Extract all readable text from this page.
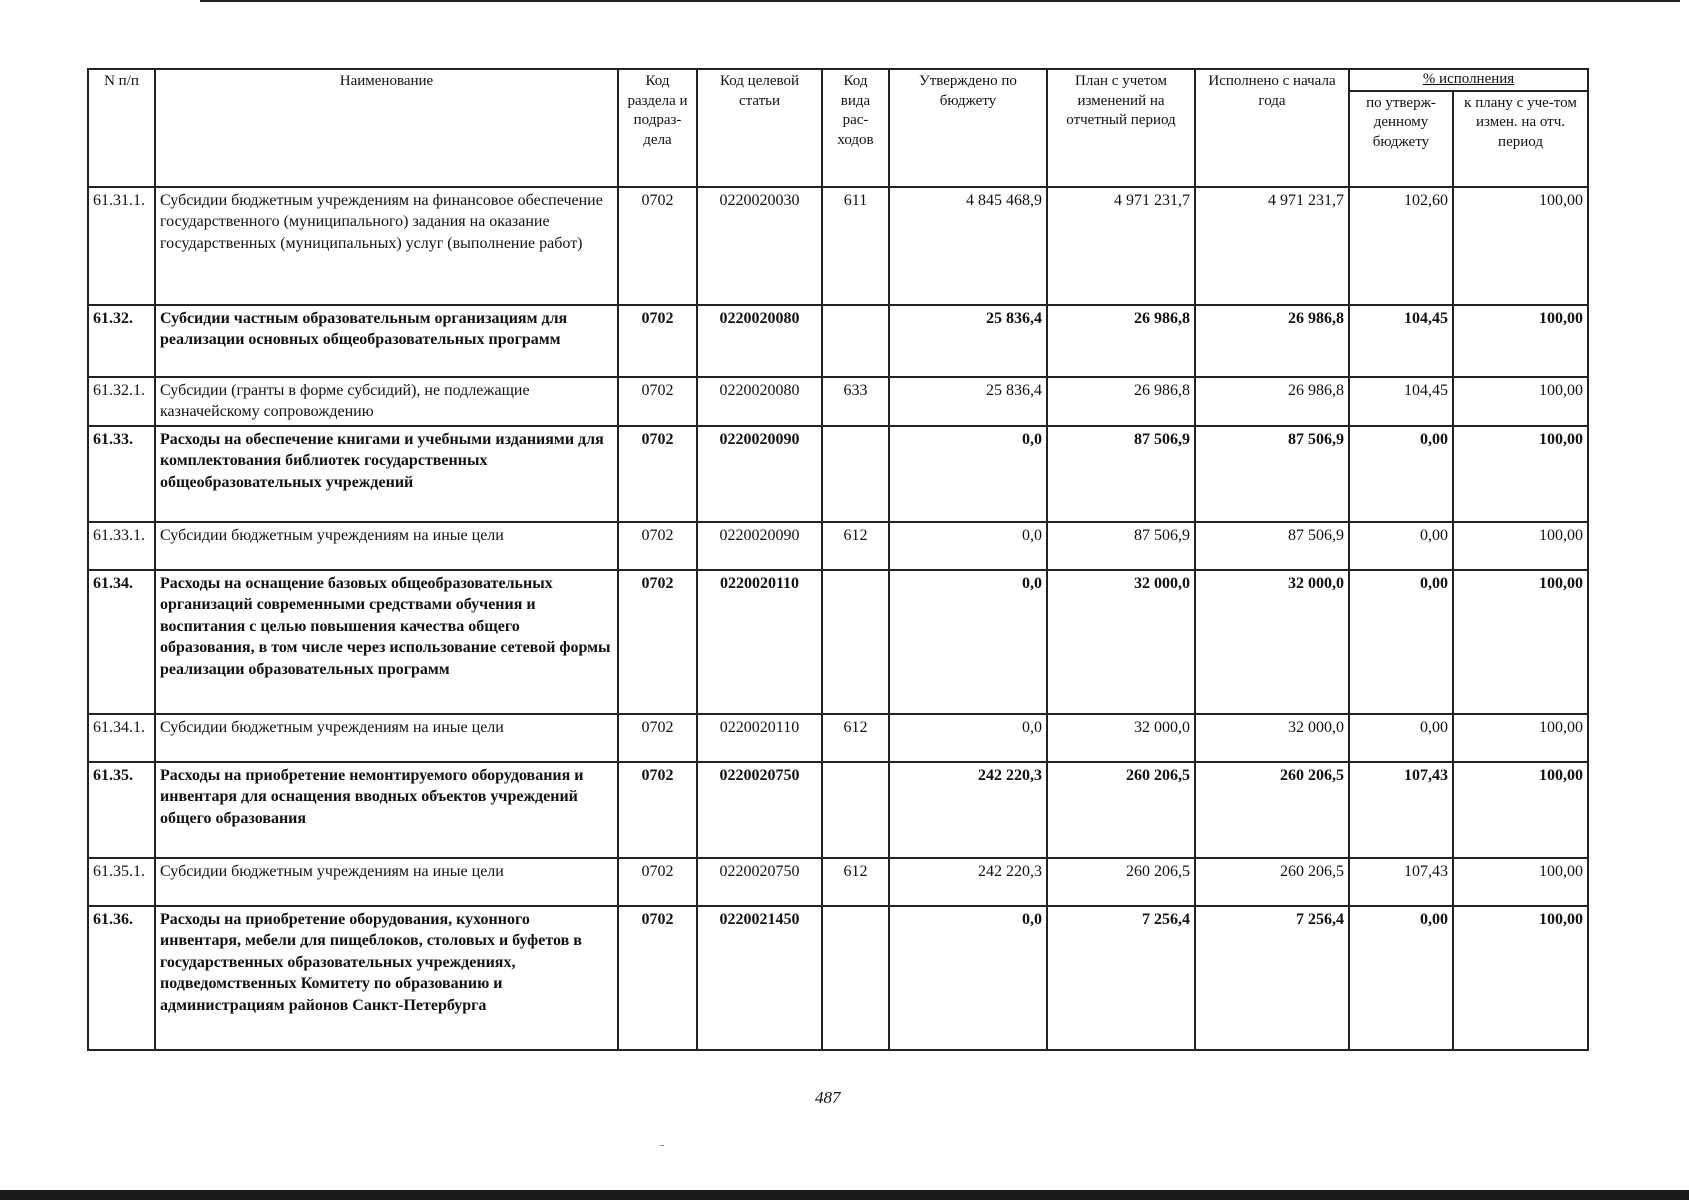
N п/п	Наименование	Код раздела и подраз-дела	Код целевой статьи	Код вида рас-ходов	Утверждено по бюджету	План с учетом изменений на отчетный период	Исполнено с начала года	% исполнения	
								по утверж-денному бюджету	к плану с уче-том измен. на отч. период
61.31.1.	Субсидии бюджетным учреждениям на финансовое обеспечение государственного (муниципального) задания на оказание государственных (муниципальных) услуг (выполнение работ)	0702	0220020030	611	4 845 468,9	4 971 231,7	4 971 231,7	102,60	100,00
61.32.	Субсидии частным образовательным организациям для реализации основных общеобразовательных программ	0702	0220020080		25 836,4	26 986,8	26 986,8	104,45	100,00
61.32.1.	Субсидии (гранты в форме субсидий), не подлежащие казначейскому сопровождению	0702	0220020080	633	25 836,4	26 986,8	26 986,8	104,45	100,00
61.33.	Расходы на обеспечение книгами и учебными изданиями для комплектования библиотек государственных общеобразовательных учреждений	0702	0220020090		0,0	87 506,9	87 506,9	0,00	100,00
61.33.1.	Субсидии бюджетным учреждениям на иные цели	0702	0220020090	612	0,0	87 506,9	87 506,9	0,00	100,00
61.34.	Расходы на оснащение базовых общеобразовательных организаций современными средствами обучения и воспитания с целью повышения качества общего образования, в том числе через использование сетевой формы реализации образовательных программ	0702	0220020110		0,0	32 000,0	32 000,0	0,00	100,00
61.34.1.	Субсидии бюджетным учреждениям на иные цели	0702	0220020110	612	0,0	32 000,0	32 000,0	0,00	100,00
61.35.	Расходы на приобретение немонтируемого оборудования и инвентаря для оснащения вводных объектов учреждений общего образования	0702	0220020750		242 220,3	260 206,5	260 206,5	107,43	100,00
61.35.1.	Субсидии бюджетным учреждениям на иные цели	0702	0220020750	612	242 220,3	260 206,5	260 206,5	107,43	100,00
61.36.	Расходы на приобретение оборудования, кухонного инвентаря, мебели для пищеблоков, столовых и буфетов в государственных образовательных учреждениях, подведомственных Комитету по образованию и администрациям районов Санкт-Петербурга	0702	0220021450		0,0	7 256,4	7 256,4	0,00	100,00
487
